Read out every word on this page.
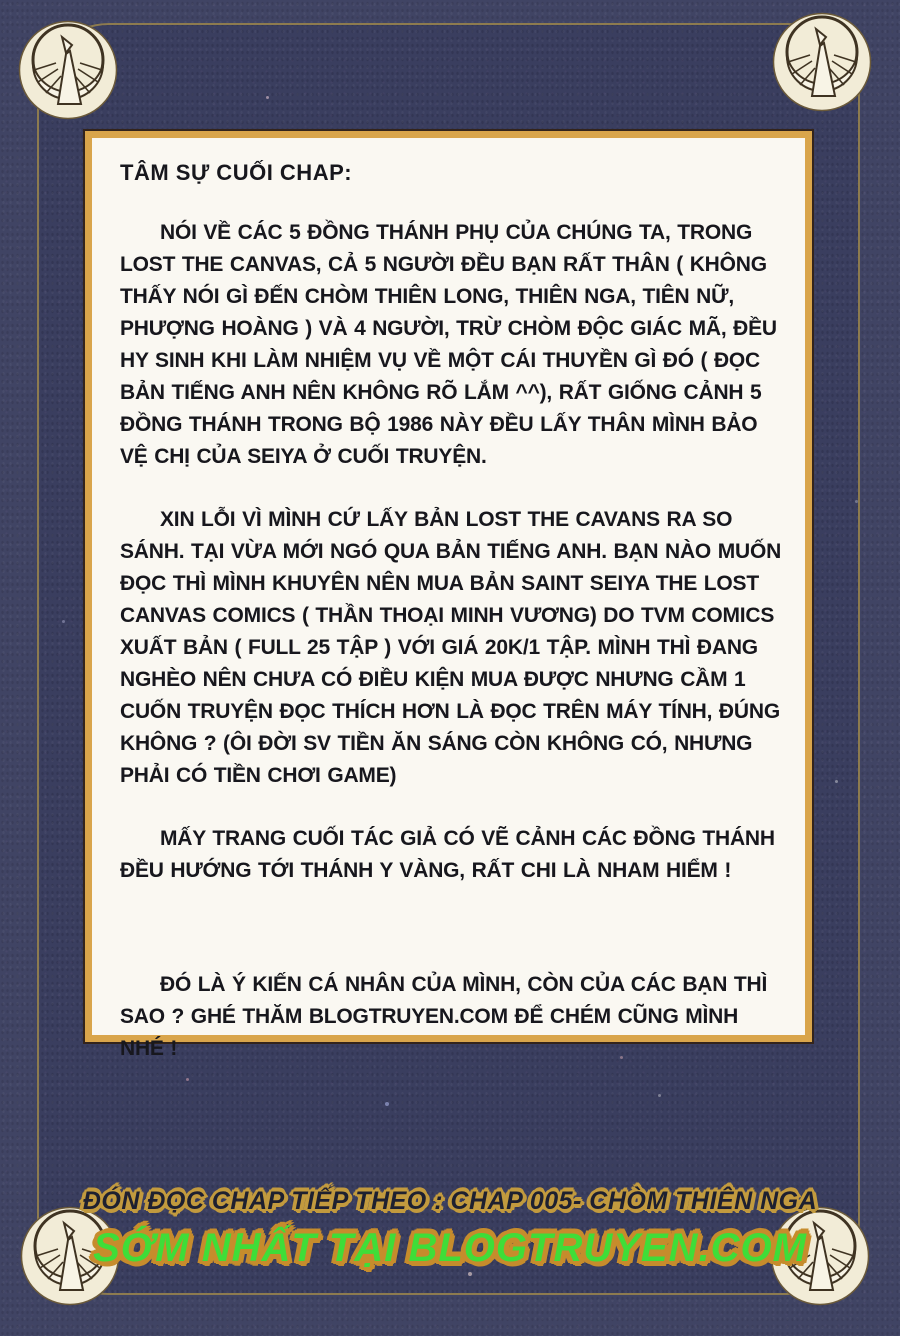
TÂM SỰ CUỐI CHAP:

NÓI VỀ CÁC 5 ĐỒNG THÁNH PHỤ CỦA CHÚNG TA, TRONG LOST THE CANVAS, CẢ 5 NGƯỜI ĐỀU BẠN RẤT THÂN ( KHÔNG THẤY NÓI GÌ ĐẾN CHÒM THIÊN LONG, THIÊN NGA, TIÊN NỮ, PHƯỢNG HOÀNG ) VÀ 4 NGƯỜI, TRỪ CHÒM ĐỘC GIÁC MÃ, ĐỀU HY SINH KHI LÀM NHIỆM VỤ VỀ MỘT CÁI THUYỀN GÌ ĐÓ ( ĐỌC BẢN TIẾNG ANH NÊN KHÔNG RÕ LẮM ^^), RẤT GIỐNG CẢNH 5 ĐỒNG THÁNH TRONG BỘ 1986 NÀY ĐỀU LẤY THÂN MÌNH BẢO VỆ CHỊ CỦA SEIYA Ở CUỐI TRUYỆN.

XIN LỖI VÌ MÌNH CỨ LẤY BẢN LOST THE CAVANS RA SO SÁNH. TẠI VỪA MỚI NGÓ QUA BẢN TIẾNG ANH. BẠN NÀO MUỐN ĐỌC THÌ MÌNH KHUYÊN NÊN MUA BẢN SAINT SEIYA THE LOST CANVAS COMICS ( THẦN THOẠI MINH VƯƠNG) DO TVM COMICS XUẤT BẢN ( FULL 25 TẬP ) VỚI GIÁ 20K/1 TẬP. MÌNH THÌ ĐANG NGHÈO NÊN CHƯA CÓ ĐIỀU KIỆN MUA ĐƯỢC NHƯNG CẦM 1 CUỐN TRUYỆN ĐỌC THÍCH HƠN LÀ ĐỌC TRÊN MÁY TÍNH, ĐÚNG KHÔNG ? (ÔI ĐỜI SV TIỀN ĂN SÁNG CÒN KHÔNG CÓ, NHƯNG PHẢI CÓ TIỀN CHƠI GAME)

MẤY TRANG CUỐI TÁC GIẢ CÓ VẼ CẢNH CÁC ĐỒNG THÁNH ĐỀU HƯỚNG TỚI THÁNH Y VÀNG, RẤT CHI LÀ NHAM HIỂM !

ĐÓ LÀ Ý KIẾN CÁ NHÂN CỦA MÌNH, CÒN CỦA CÁC BẠN THÌ SAO ? GHÉ THĂM BLOGTRUYEN.COM ĐỂ CHÉM CŨNG MÌNH NHÉ !

ĐÓN ĐỌC CHAP TIẾP THEO : CHAP 005- CHÒM THIÊN NGA
SỚM NHẤT TẠI BLOGTRUYEN.COM
